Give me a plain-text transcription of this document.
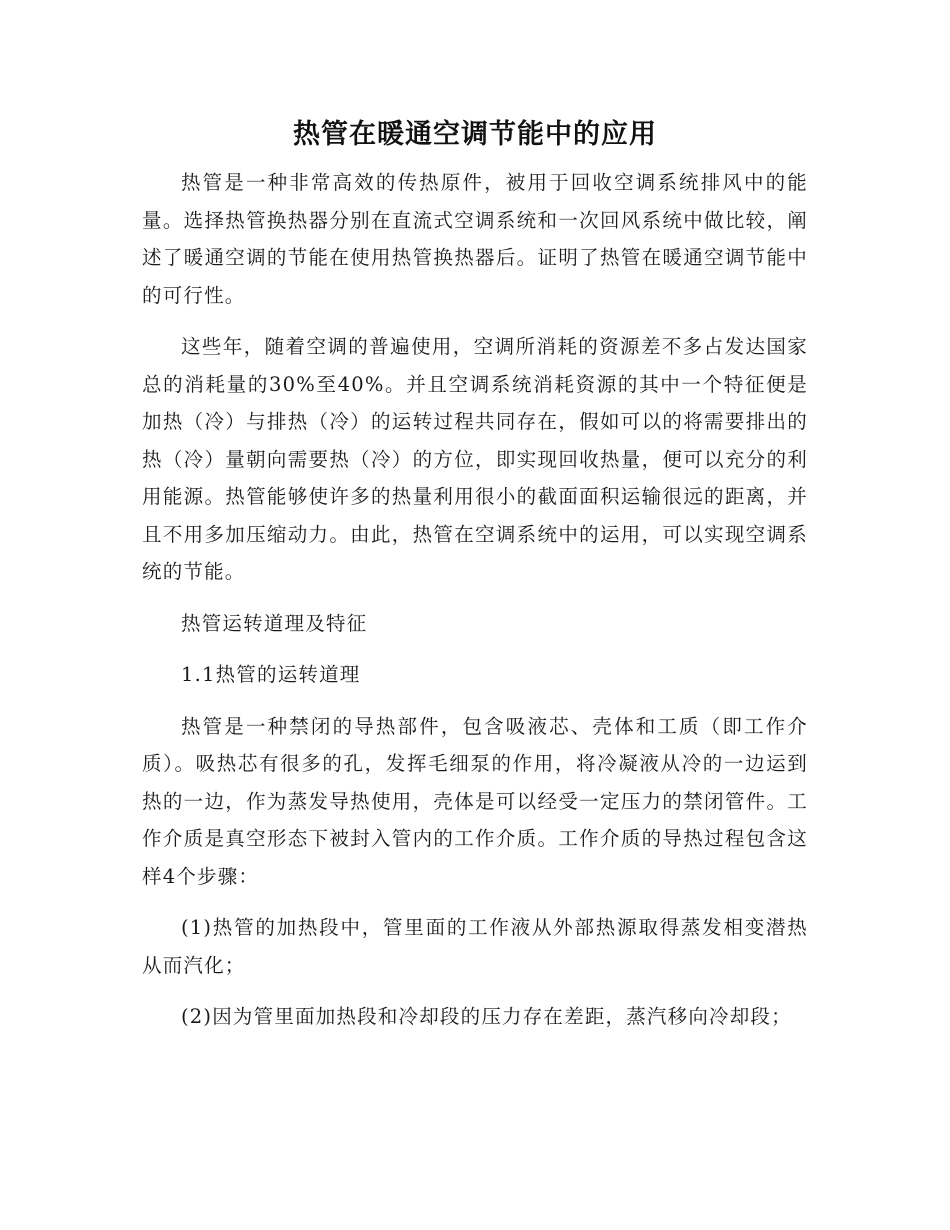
热管在暖通空调节能中的应用

热管是一种非常高效的传热原件，被用于回收空调系统排风中的能量。选择热管换热器分别在直流式空调系统和一次回风系统中做比较，阐述了暖通空调的节能在使用热管换热器后。证明了热管在暖通空调节能中的可行性。

这些年，随着空调的普遍使用，空调所消耗的资源差不多占发达国家总的消耗量的30%至40%。并且空调系统消耗资源的其中一个特征便是加热（冷）与排热（冷）的运转过程共同存在，假如可以的将需要排出的热（冷）量朝向需要热（冷）的方位，即实现回收热量，便可以充分的利用能源。热管能够使许多的热量利用很小的截面面积运输很远的距离，并且不用多加压缩动力。由此，热管在空调系统中的运用，可以实现空调系统的节能。

热管运转道理及特征

1.1热管的运转道理

热管是一种禁闭的导热部件，包含吸液芯、壳体和工质（即工作介质）。吸热芯有很多的孔，发挥毛细泵的作用，将冷凝液从冷的一边运到热的一边，作为蒸发导热使用，壳体是可以经受一定压力的禁闭管件。工作介质是真空形态下被封入管内的工作介质。工作介质的导热过程包含这样4个步骤：

(1)热管的加热段中，管里面的工作液从外部热源取得蒸发相变潜热从而汽化；

(2)因为管里面加热段和冷却段的压力存在差距，蒸汽移向冷却段；
